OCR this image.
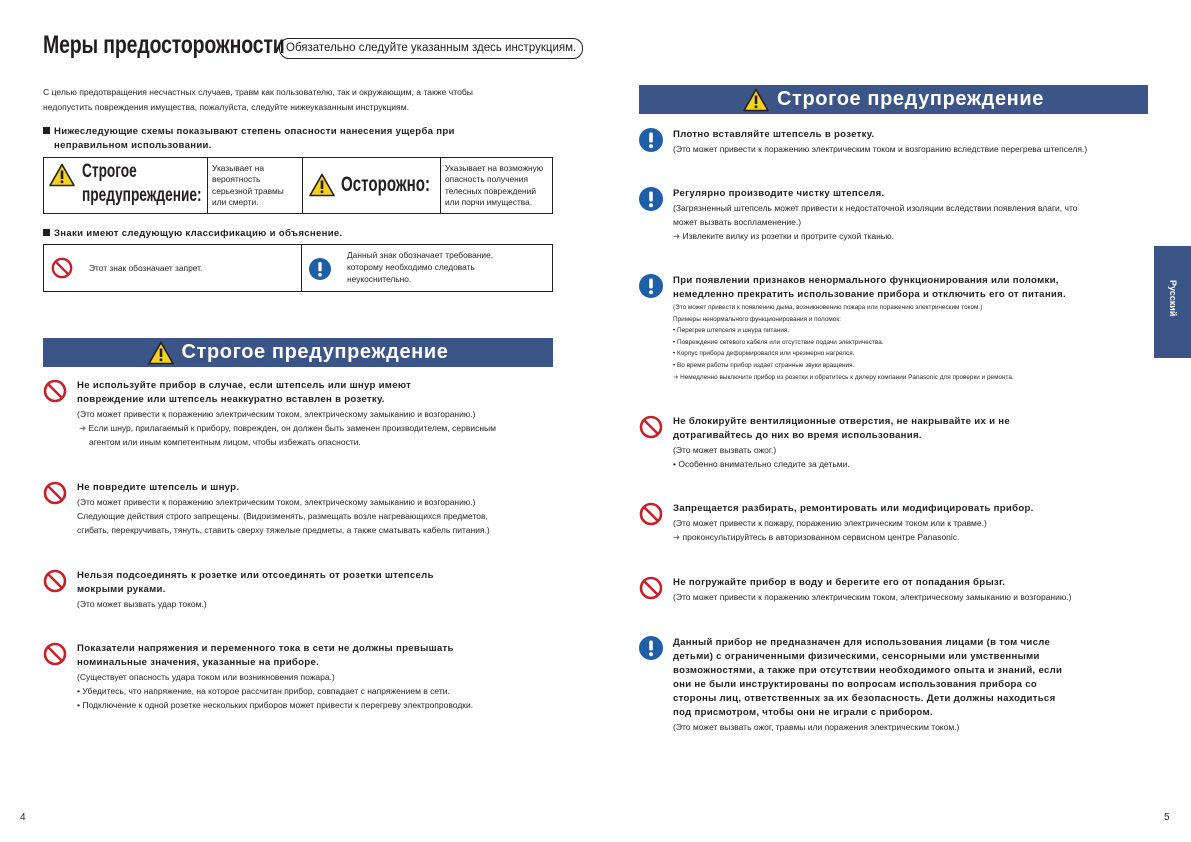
Меры предосторожности Обязательно следуйте указанным здесь инструкциям.
С целью предотвращения несчастных случаев, травм как пользователю, так и окружающим, а также чтобы
недопустить повреждения имущества, пожалуйста, следуйте нижеуказанным инструкциям.
Нижеследующие схемы показывают степень опасности нанесения ущерба при
неправильном использовании.
Строгое
предупреждение:

Указывает на
вероятность
серьезной травмы
или смерти.

Осторожно:

Указывает на возможную
опасность получения
телесных повреждений
или порчи имущества.
Знаки имеют следующую классификацию и объяснение.
Этот знак обозначает запрет.

Данный знак обозначает требование,
которому необходимо следовать
неукоснительно.
Строгое предупреждение
Не используйте прибор в случае, если штепсель или шнур имеют
повреждение или штепсель неаккуратно вставлен в розетку.
(Это может привести к поражению электрическим током, электрическому замыканию и возгоранию.)
➜ Если шнур, прилагаемый к прибору, поврежден, он должен быть заменен производителем, сервисным
агентом или иным компетентным лицом, чтобы избежать опасности.
Не повредите штепсель и шнур.
(Это может привести к поражению электрическим током, электрическому замыканию и возгоранию.)
Следующие действия строго запрещены. (Видоизменять, размещать возле нагревающихся предметов,
сгибать, перекручивать, тянуть, ставить сверху тяжелые предметы, а также сматывать кабель питания.)
Нельзя подсоединять к розетке или отсоединять от розетки штепсель
мокрыми руками.
(Это может вызвать удар током.)
Показатели напряжения и переменного тока в сети не должны превышать
номинальные значения, указанные на приборе.
(Существует опасность удара током или возникновения пожара.)
• Убедитесь, что напряжение, на которое рассчитан прибор, совпадает с напряжением в сети.
• Подключение к одной розетке нескольких приборов может привести к перегреву электропроводки.
4
Строгое предупреждение
Плотно вставляйте штепсель в розетку.
(Это может привести к поражению электрическим током и возгоранию вследствие перегрева штепселя.)
Регулярно производите чистку штепселя.
(Загрязненный штепсель может привести к недостаточной изоляции вследствии появления влаги, что
может вызвать воспламенение.)
➜ Извлеките вилку из розетки и протрите сухой тканью.
При появлении признаков ненормального функционирования или поломки,
немедленно прекратить использование прибора и отключить его от питания.
(Это может привести к появлению дыма, возникновению пожара или поражению электрическим током.)
Примеры ненормального функционирования и поломок:
• Перегрев штепселя и шнура питания.
• Повреждение сетевого кабеля или отсутствие подачи электричества.
• Корпус прибора деформировался или чрезмерно нагрелся.
• Во время работы прибор издает странные звуки вращения.
➜ Немедленно выключите прибор из розетки и обратитесь к дилеру компании Panasonic для проверки и ремонта.
Не блокируйте вентиляционные отверстия, не накрывайте их и не
дотрагивайтесь до них во время использования.
(Это может вызвать ожог.)
• Особенно внимательно следите за детьми.
Запрещается разбирать, ремонтировать или модифицировать прибор.
(Это может привести к пожару, поражению электрическим током или к травме.)
➜ проконсультируйтесь в авторизованном сервисном центре Panasonic.
Не погружайте прибор в воду и берегите его от попадания брызг.
(Это может привести к поражению электрическим током, электрическому замыканию и возгоранию.)
Данный прибор не предназначен для использования лицами (в том числе
детьми) с ограниченными физическими, сенсорными или умственными
возможностями, а также при отсутствии необходимого опыта и знаний, если
они не были инструктированы по вопросам использования прибора со
стороны лиц, ответственных за их безопасность. Дети должны находиться
под присмотром, чтобы они не играли с прибором.
(Это может вызвать ожог, травмы или поражения электрическим током.)
Русский
5
